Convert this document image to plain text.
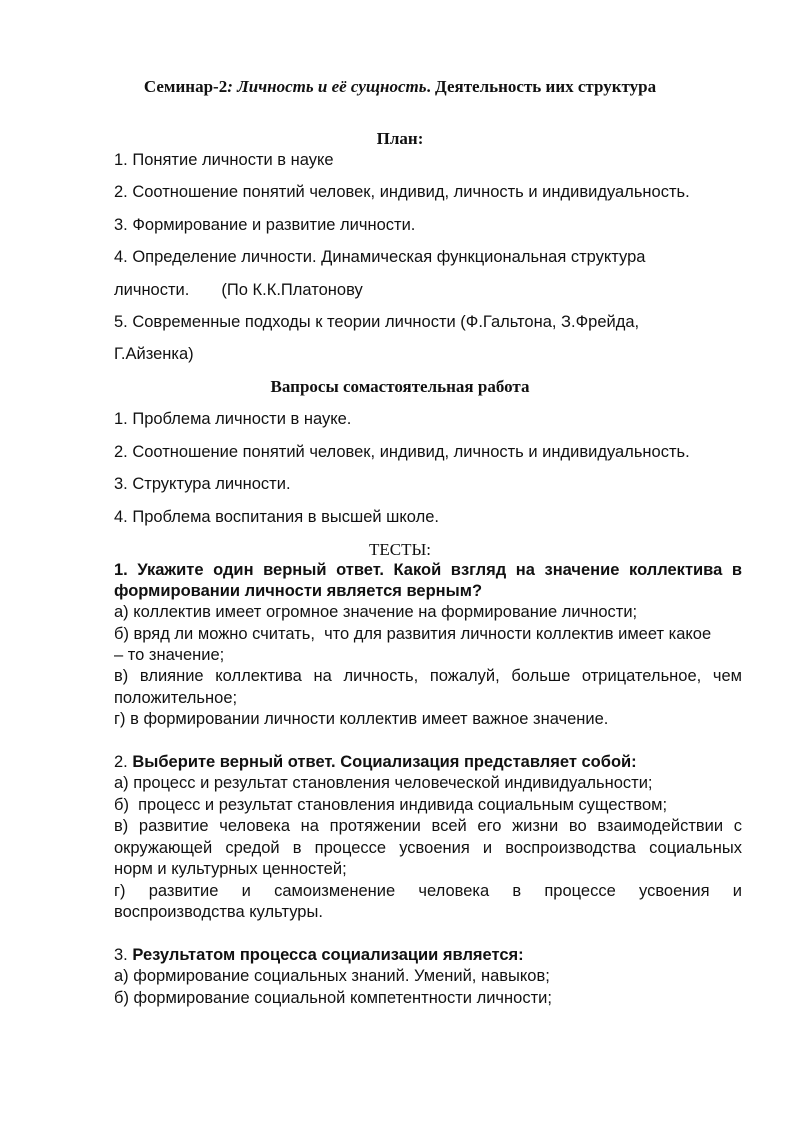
Семинар-2: Личность и её сущность. Деятельность иих структура
План:
1. Понятие личности в науке
2. Соотношение понятий человек, индивид, личность и индивидуальность.
3. Формирование и развитие личности.
4. Определение личности. Динамическая функциональная структура
личности.       (По К.К.Платонову
5. Современные подходы к теории личности (Ф.Гальтона, З.Фрейда,
Г.Айзенка)
Вапросы сомастоятельная работа
1. Проблема личности в науке.
2. Соотношение понятий человек, индивид, личность и индивидуальность.
3. Структура личности.
4. Проблема воспитания в высшей школе.
ТЕСТЫ:
1. Укажите один верный ответ. Какой взгляд на значение коллектива в
формировании личности является верным?
а) коллектив имеет огромное значение на формирование личности;
б) вряд ли можно считать,  что для развития личности коллектив имеет какое
– то значение;
в) влияние коллектива на личность, пожалуй, больше отрицательное, чем
положительное;
г) в формировании личности коллектив имеет важное значение.
2. Выберите верный ответ. Социализация представляет собой:
а) процесс и результат становления человеческой индивидуальности;
б)  процесс и результат становления индивида социальным существом;
в) развитие человека на протяжении всей его жизни во взаимодействии с
окружающей средой в процессе усвоения и воспроизводства социальных
норм и культурных ценностей;
г) развитие и самоизменение человека в процессе усвоения и
воспроизводства культуры.
3. Результатом процесса социализации является:
а) формирование социальных знаний. Умений, навыков;
б) формирование социальной компетентности личности;
